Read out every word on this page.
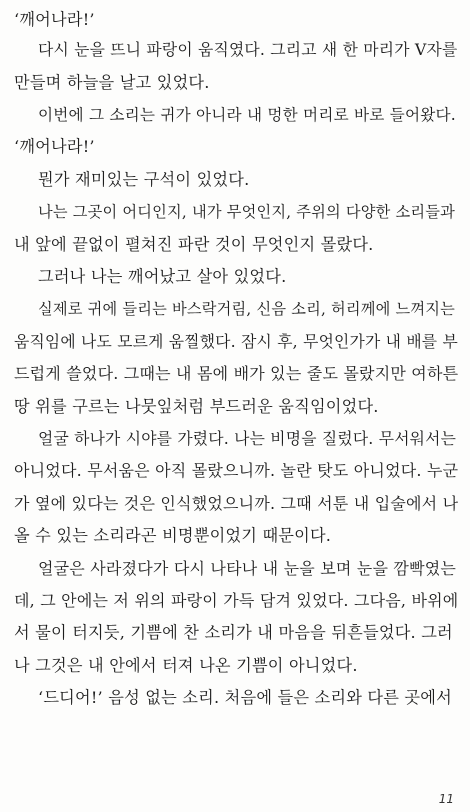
‘깨어나라!’
다시 눈을 뜨니 파랑이 움직였다. 그리고 새 한 마리가 V자를
만들며 하늘을 날고 있었다.
이번에 그 소리는 귀가 아니라 내 멍한 머리로 바로 들어왔다.
‘깨어나라!’
뭔가 재미있는 구석이 있었다.
나는 그곳이 어디인지, 내가 무엇인지, 주위의 다양한 소리들과
내 앞에 끝없이 펼쳐진 파란 것이 무엇인지 몰랐다.
그러나 나는 깨어났고 살아 있었다.
실제로 귀에 들리는 바스락거림, 신음 소리, 허리께에 느껴지는
움직임에 나도 모르게 움찔했다. 잠시 후, 무엇인가가 내 배를 부
드럽게 쓸었다. 그때는 내 몸에 배가 있는 줄도 몰랐지만 여하튼
땅 위를 구르는 나뭇잎처럼 부드러운 움직임이었다.
얼굴 하나가 시야를 가렸다. 나는 비명을 질렀다. 무서워서는
아니었다. 무서움은 아직 몰랐으니까. 놀란 탓도 아니었다. 누군
가 옆에 있다는 것은 인식했었으니까. 그때 서툰 내 입술에서 나
올 수 있는 소리라곤 비명뿐이었기 때문이다.
얼굴은 사라졌다가 다시 나타나 내 눈을 보며 눈을 깜빡였는
데, 그 안에는 저 위의 파랑이 가득 담겨 있었다. 그다음, 바위에
서 물이 터지듯, 기쁨에 찬 소리가 내 마음을 뒤흔들었다. 그러
나 그것은 내 안에서 터져 나온 기쁨이 아니었다.
‘드디어!’ 음성 없는 소리. 처음에 들은 소리와 다른 곳에서
11
